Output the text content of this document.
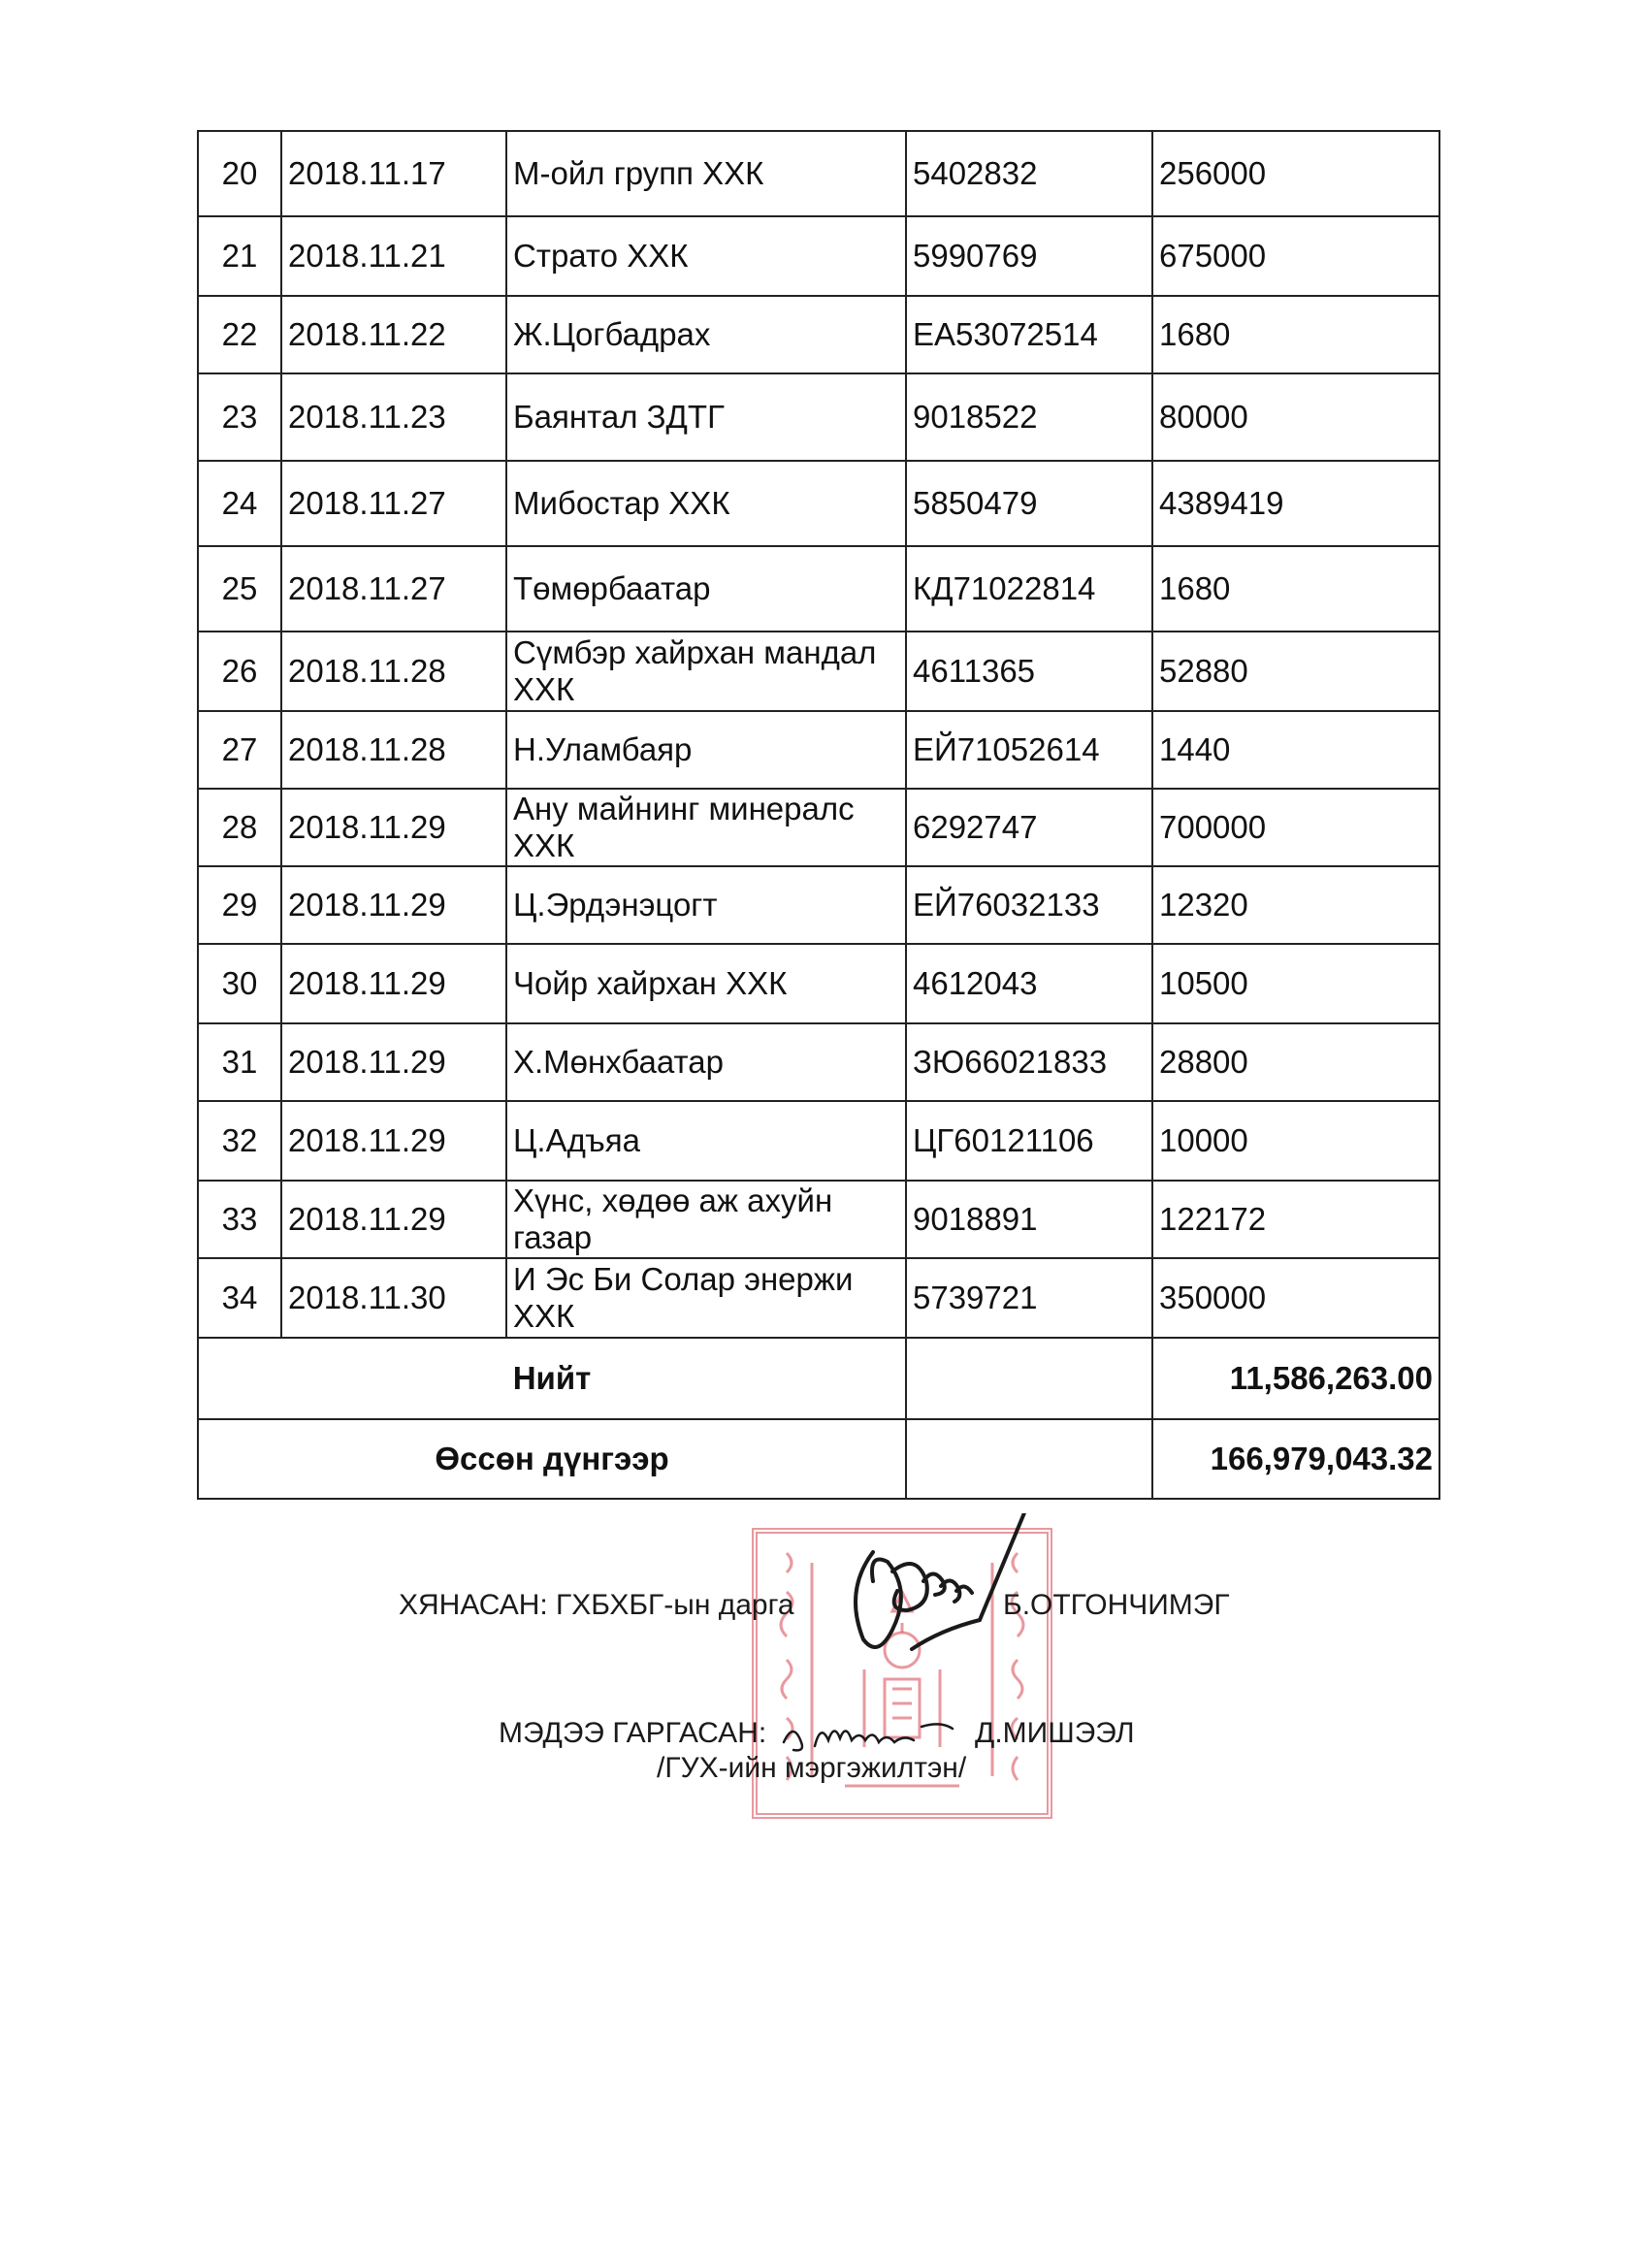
20	2018.11.17	М-ойл групп ХХК	5402832	256000
21	2018.11.21	Страто ХХК	5990769	675000
22	2018.11.22	Ж.Цогбадрах	ЕА53072514	1680
23	2018.11.23	Баянтал ЗДТГ	9018522	80000
24	2018.11.27	Мибостар ХХК	5850479	4389419
25	2018.11.27	Төмөрбаатар	КД71022814	1680
26	2018.11.28	Сүмбэр хайрхан мандал ХХК	4611365	52880
27	2018.11.28	Н.Уламбаяр	ЕЙ71052614	1440
28	2018.11.29	Ану майнинг минералс ХХК	6292747	700000
29	2018.11.29	Ц.Эрдэнэцогт	ЕЙ76032133	12320
30	2018.11.29	Чойр хайрхан ХХК	4612043	10500
31	2018.11.29	Х.Мөнхбаатар	ЗЮ66021833	28800
32	2018.11.29	Ц.Адъяа	ЦГ60121106	10000
33	2018.11.29	Хүнс, хөдөө аж ахуйн газар	9018891	122172
34	2018.11.30	И Эс Би Солар энержи ХХК	5739721	350000
Нийт				11,586,263.00
Өссөн дүнгээр				166,979,043.32
ХЯНАСАН: ГХБХБГ-ын дарга	Б.ОТГОНЧИМЭГ
МЭДЭЭ ГАРГАСАН:	Д.МИШЭЭЛ
/ГУХ-ийн мэргэжилтэн/
